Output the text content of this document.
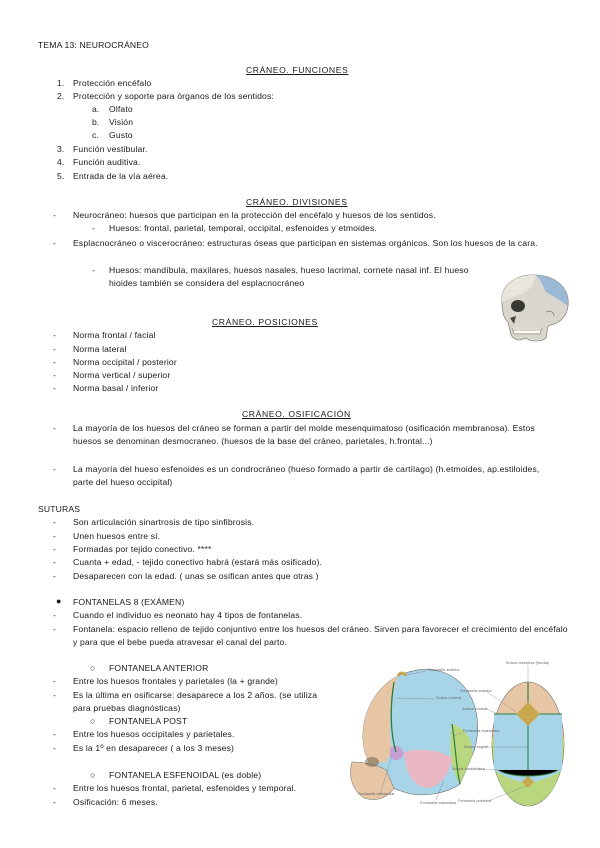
TEMA 13: NEUROCRÁNEO
CRÁNEO. FUNCIONES
1. Protección encéfalo
2. Protección y soporte para órganos de los sentidos:
a. Olfato
b. Visión
c. Gusto
3. Función vestibular.
4. Función auditiva.
5. Entrada de la vía aérea.
CRÁNEO. DIVISIONES
- Neurocráneo: huesos que participan en la protección del encéfalo y huesos de los sentidos.
- Huesos: frontal, parietal, temporal, occipital, esfenoides y etmoides.
- Esplacnocráneo o viscerocráneo: estructuras óseas que participan en sistemas orgánicos. Son los huesos de la cara.
- Huesos: mandíbula, maxilares, huesos nasales, hueso lacrimal, cornete nasal inf. El hueso hioides también se considera del esplacnocráneo
CRÁNEO. POSICIONES
- Norma frontal / facial
- Norma lateral
- Norma occipital / posterior
- Norma vertical / superior
- Norma basal / inferior
CRÁNEO. OSIFICACIÓN
- La mayoría de los huesos del cráneo se forman a partir del molde mesenquimatoso (osificación membranosa). Estos huesos se denominan desmocraneo. (huesos de la base del cráneo, parietales, h.frontal...)
- La mayoría del hueso esfenoides es un condrocráneo (hueso formado a partir de cartílago) (h.etmoides, ap.estiloides, parte del hueso occipital)
SUTURAS
- Son articulación sinartrosis de tipo sinfibrosis.
- Unen huesos entre sí.
- Formadas por tejido conectivo. ****
- Cuanta + edad, - tejido conectivo habrá (estará más osificado).
- Desaparecen con la edad. ( unas se osifican antes que otras )
● FONTANELAS 8 (EXÁMEN)
- Cuando el individuo es neonato hay 4 tipos de fontanelas.
- Fontanela: espacio relleno de tejido conjuntivo entre los huesos del cráneo. Sirven para favorecer el crecimiento del encéfalo y para que el bebe pueda atravesar el canal del parto.
○ FONTANELA ANTERIOR
- Entre los huesos frontales y parietales (la + grande)
- Es la última en osificarse: desaparece a los 2 años. (se utiliza para pruebas diagnósticas)
○ FONTANELA POST
- Entre los huesos occipitales y parietales.
- Es la 1º en desaparecer ( a los 3 meses)
○ FONTANELA ESFENOIDAL (es doble)
- Entre los huesos frontal, parietal, esfenoides y temporal.
- Osificación: 6 meses.
Fontanela anterior
Sutura coronal
Fontanela mastoidea
Fontanela esfenoidal
Fontanela mastoidea
Sutura metópica (frontal)
Fontanela anterior
Sutura coronal
Sutura sagital
Sutura lambdoidea
Fontanela posterior
